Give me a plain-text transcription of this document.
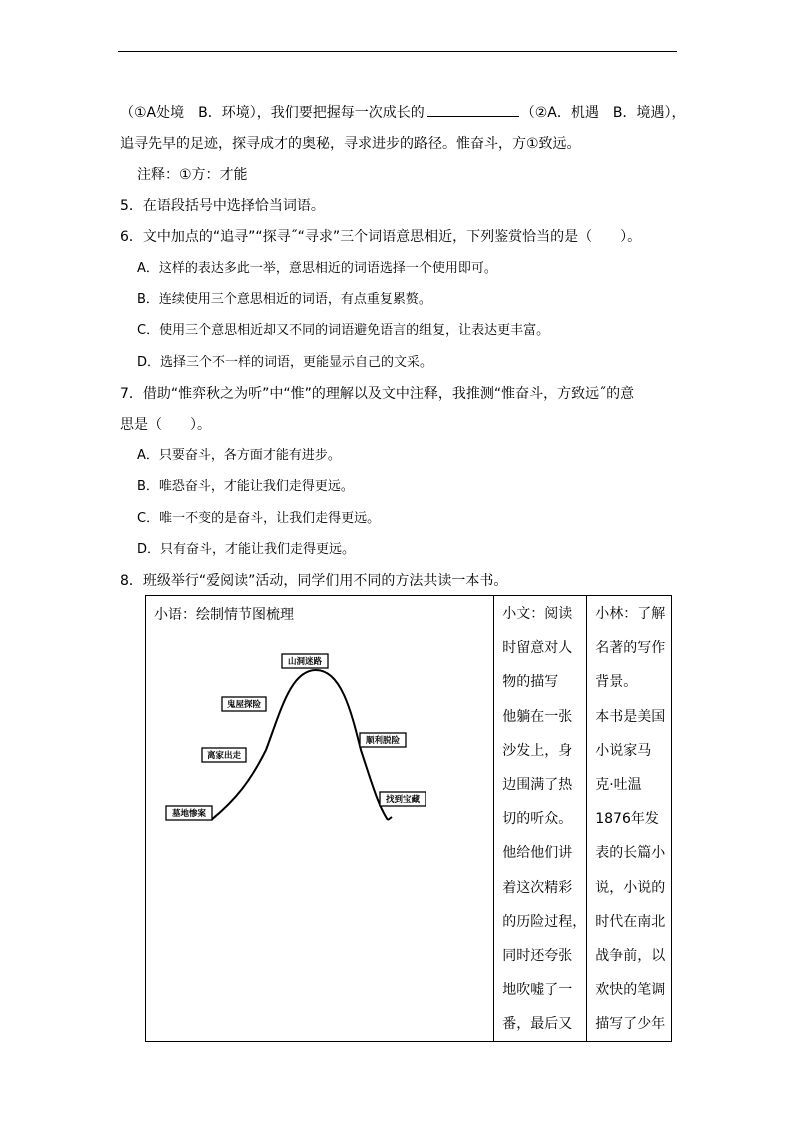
（①A处境　B．环境），我们要把握每一次成长的	（②A．机遇　B．境遇），
追寻先早的足迹，探寻成才的奥秘，寻求进步的路径。惟奋斗，方①致远。
注释：①方：才能
5．在语段括号中选择恰当词语。
6．文中加点的“追寻”“探寻˝“寻求”三个词语意思相近，下列鉴赏恰当的是（　　）。
A．这样的表达多此一举，意思相近的词语选择一个使用即可。
B．连续使用三个意思相近的词语，有点重复累赘。
C．使用三个意思相近却又不同的词语避免语言的组复，让表达更丰富。
D．选择三个不一样的词语，更能显示自己的文采。
7．借助“惟弈秋之为听”中“惟”的理解以及文中注释，我推测“惟奋斗，方致远˝的意
思是（　　）。
A．只要奋斗，各方面才能有进步。
B．唯恐奋斗，才能让我们走得更远。
C．唯一不变的是奋斗，让我们走得更远。
D．只有奋斗，才能让我们走得更远。
8．班级举行“爱阅读”活动，同学们用不同的方法共读一本书。
小语：绘制情节图梳理
墓地惨案
离家出走
鬼屋探险
山洞迷路
顺利脱险
找到宝藏

小文：阅读

时留意对人

物的描写

他躺在一张

沙发上，身

边围满了热

切的听众。

他给他们讲

着这次精彩

的历险过程，

同时还夸张

地吹嘘了一

番，最后又

小林：了解

名著的写作

背景。

本书是美国

小说家马

克·吐温

1876年发

表的长篇小

说，小说的

时代在南北

战争前，以

欢快的笔调

描写了少年
